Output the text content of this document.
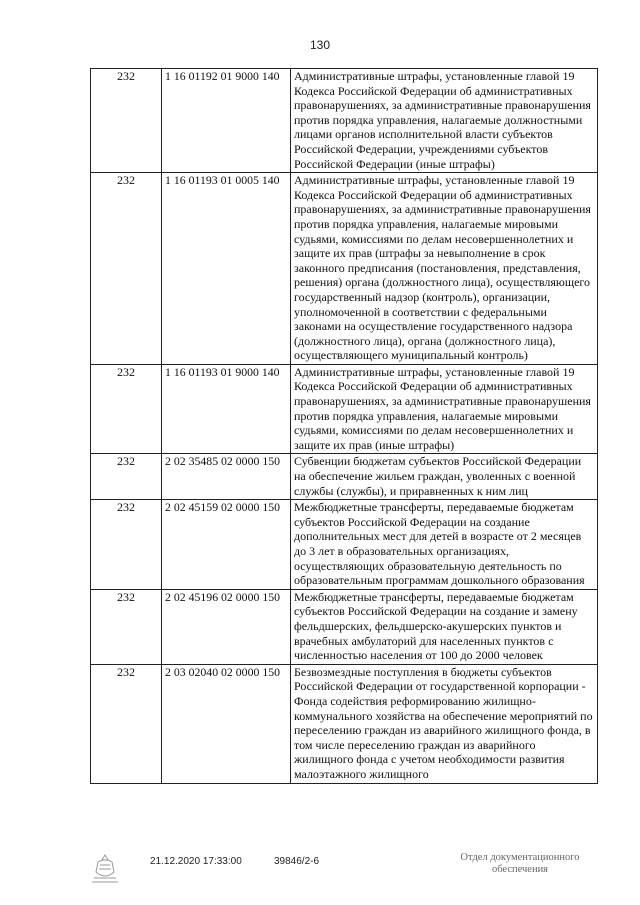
130
232	1 16 01192 01 9000 140	Административные штрафы, установленные главой 19 Кодекса Российской Федерации об административных правонарушениях, за административные правонарушения против порядка управления, налагаемые должностными лицами органов исполнительной власти субъектов Российской Федерации, учреждениями субъектов Российской Федерации (иные штрафы)
232	1 16 01193 01 0005 140	Административные штрафы, установленные главой 19 Кодекса Российской Федерации об административных правонарушениях, за административные правонарушения против порядка управления, налагаемые мировыми судьями, комиссиями по делам несовершеннолетних и защите их прав (штрафы за невыполнение в срок законного предписания (постановления, представления, решения) органа (должностного лица), осуществляющего государственный надзор (контроль), организации, уполномоченной в соответствии с федеральными законами на осуществление государственного надзора (должностного лица), органа (должностного лица), осуществляющего муниципальный контроль)
232	1 16 01193 01 9000 140	Административные штрафы, установленные главой 19 Кодекса Российской Федерации об административных правонарушениях, за административные правонарушения против порядка управления, налагаемые мировыми судьями, комиссиями по делам несовершеннолетних и защите их прав (иные штрафы)
232	2 02 35485 02 0000 150	Субвенции бюджетам субъектов Российской Федерации на обеспечение жильем граждан, уволенных с военной службы (службы), и приравненных к ним лиц
232	2 02 45159 02 0000 150	Межбюджетные трансферты, передаваемые бюджетам субъектов Российской Федерации на создание дополнительных мест для детей в возрасте от 2 месяцев до 3 лет в образовательных организациях, осуществляющих образовательную деятельность по образовательным программам дошкольного образования
232	2 02 45196 02 0000 150	Межбюджетные трансферты, передаваемые бюджетам субъектов Российской Федерации на создание и замену фельдшерских, фельдшерско-акушерских пунктов и врачебных амбулаторий для населенных пунктов с численностью населения от 100 до 2000 человек
232	2 03 02040 02 0000 150	Безвозмездные поступления в бюджеты субъектов Российской Федерации от государственной корпорации - Фонда содействия реформированию жилищно-коммунального хозяйства на обеспечение мероприятий по переселению граждан из аварийного жилищного фонда, в том числе переселению граждан из аварийного жилищного фонда с учетом необходимости развития малоэтажного жилищного
21.12.2020 17:33:00	39846/2-6	Отдел документационного
обеспечения
